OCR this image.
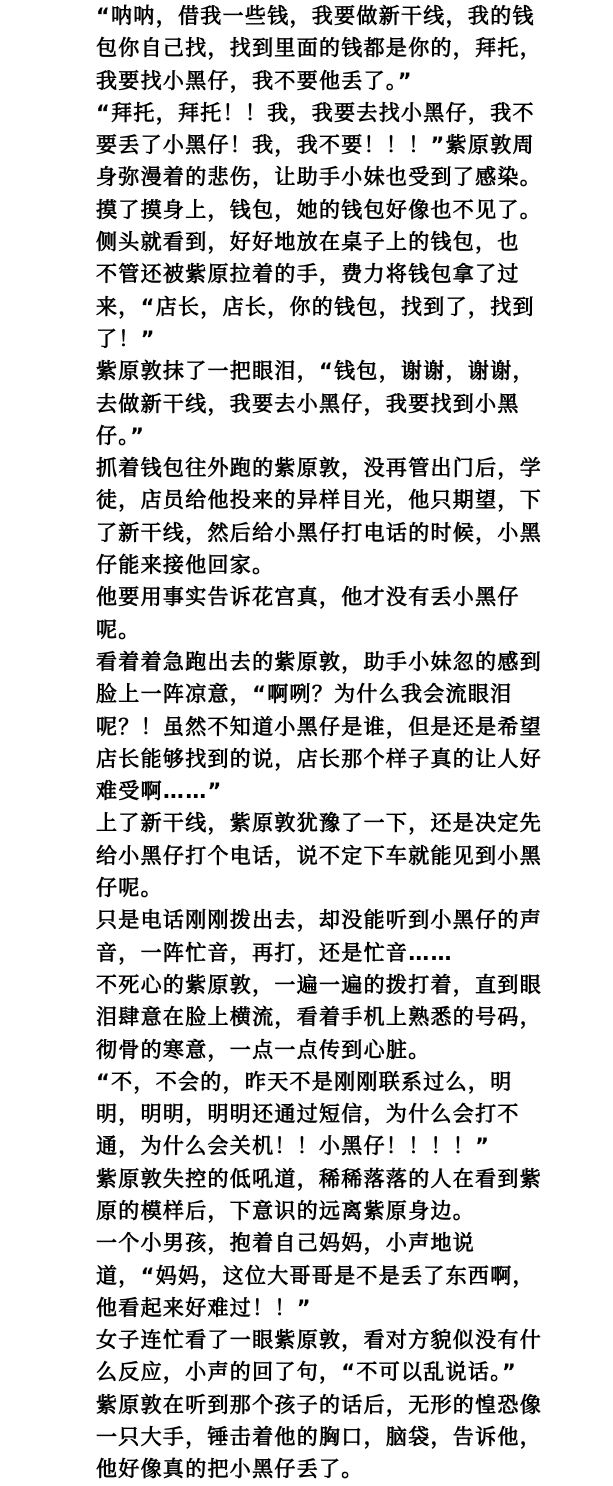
“呐呐，借我一些钱，我要做新干线，我的钱
包你自己找，找到里面的钱都是你的，拜托，
我要找小黑仔，我不要他丢了。”
“拜托，拜托！！我，我要去找小黑仔，我不
要丢了小黑仔！我，我不要！！！”紫原敦周
身弥漫着的悲伤，让助手小妹也受到了感染。
摸了摸身上，钱包，她的钱包好像也不见了。
侧头就看到，好好地放在桌子上的钱包，也
不管还被紫原拉着的手，费力将钱包拿了过
来，“店长，店长，你的钱包，找到了，找到
了！”
紫原敦抹了一把眼泪，“钱包，谢谢，谢谢，
去做新干线，我要去小黑仔，我要找到小黑
仔。”
抓着钱包往外跑的紫原敦，没再管出门后，学
徒，店员给他投来的异样目光，他只期望，下
了新干线，然后给小黑仔打电话的时候，小黑
仔能来接他回家。
他要用事实告诉花宫真，他才没有丢小黑仔
呢。
看着着急跑出去的紫原敦，助手小妹忽的感到
脸上一阵凉意，“啊咧？为什么我会流眼泪
呢？！虽然不知道小黑仔是谁，但是还是希望
店长能够找到的说，店长那个样子真的让人好
难受啊……”
上了新干线，紫原敦犹豫了一下，还是决定先
给小黑仔打个电话，说不定下车就能见到小黑
仔呢。
只是电话刚刚拨出去，却没能听到小黑仔的声
音，一阵忙音，再打，还是忙音……
不死心的紫原敦，一遍一遍的拨打着，直到眼
泪肆意在脸上横流，看着手机上熟悉的号码，
彻骨的寒意，一点一点传到心脏。
“不，不会的，昨天不是刚刚联系过么，明
明，明明，明明还通过短信，为什么会打不
通，为什么会关机！！小黑仔！！！！”
紫原敦失控的低吼道，稀稀落落的人在看到紫
原的模样后，下意识的远离紫原身边。
一个小男孩，抱着自己妈妈，小声地说
道，“妈妈，这位大哥哥是不是丢了东西啊，
他看起来好难过！！”
女子连忙看了一眼紫原敦，看对方貌似没有什
么反应，小声的回了句，“不可以乱说话。”
紫原敦在听到那个孩子的话后，无形的惶恐像
一只大手，锤击着他的胸口，脑袋，告诉他，
他好像真的把小黑仔丢了。
